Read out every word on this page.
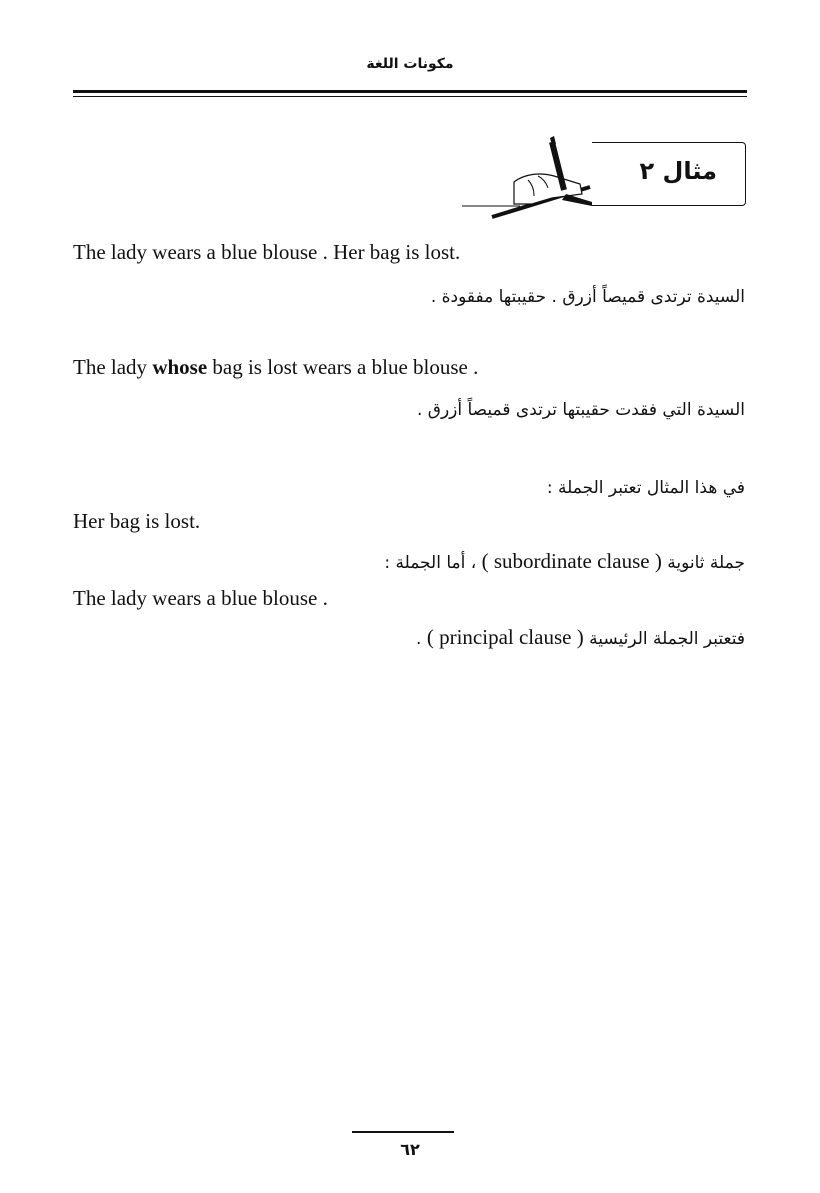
مكونات اللغة
مثال ٢
The lady wears a blue blouse . Her bag is lost.
السيدة ترتدى قميصاً أزرق . حقيبتها مفقودة .
The lady whose bag is lost wears a blue blouse .
السيدة التي فقدت حقيبتها ترتدى قميصاً أزرق .
في هذا المثال تعتبر الجملة :
Her bag is lost.
جملة ثانوية ( subordinate clause ) ، أما الجملة :
The lady wears a blue blouse .
فتعتبر الجملة الرئيسية ( principal clause ) .
٦٢
